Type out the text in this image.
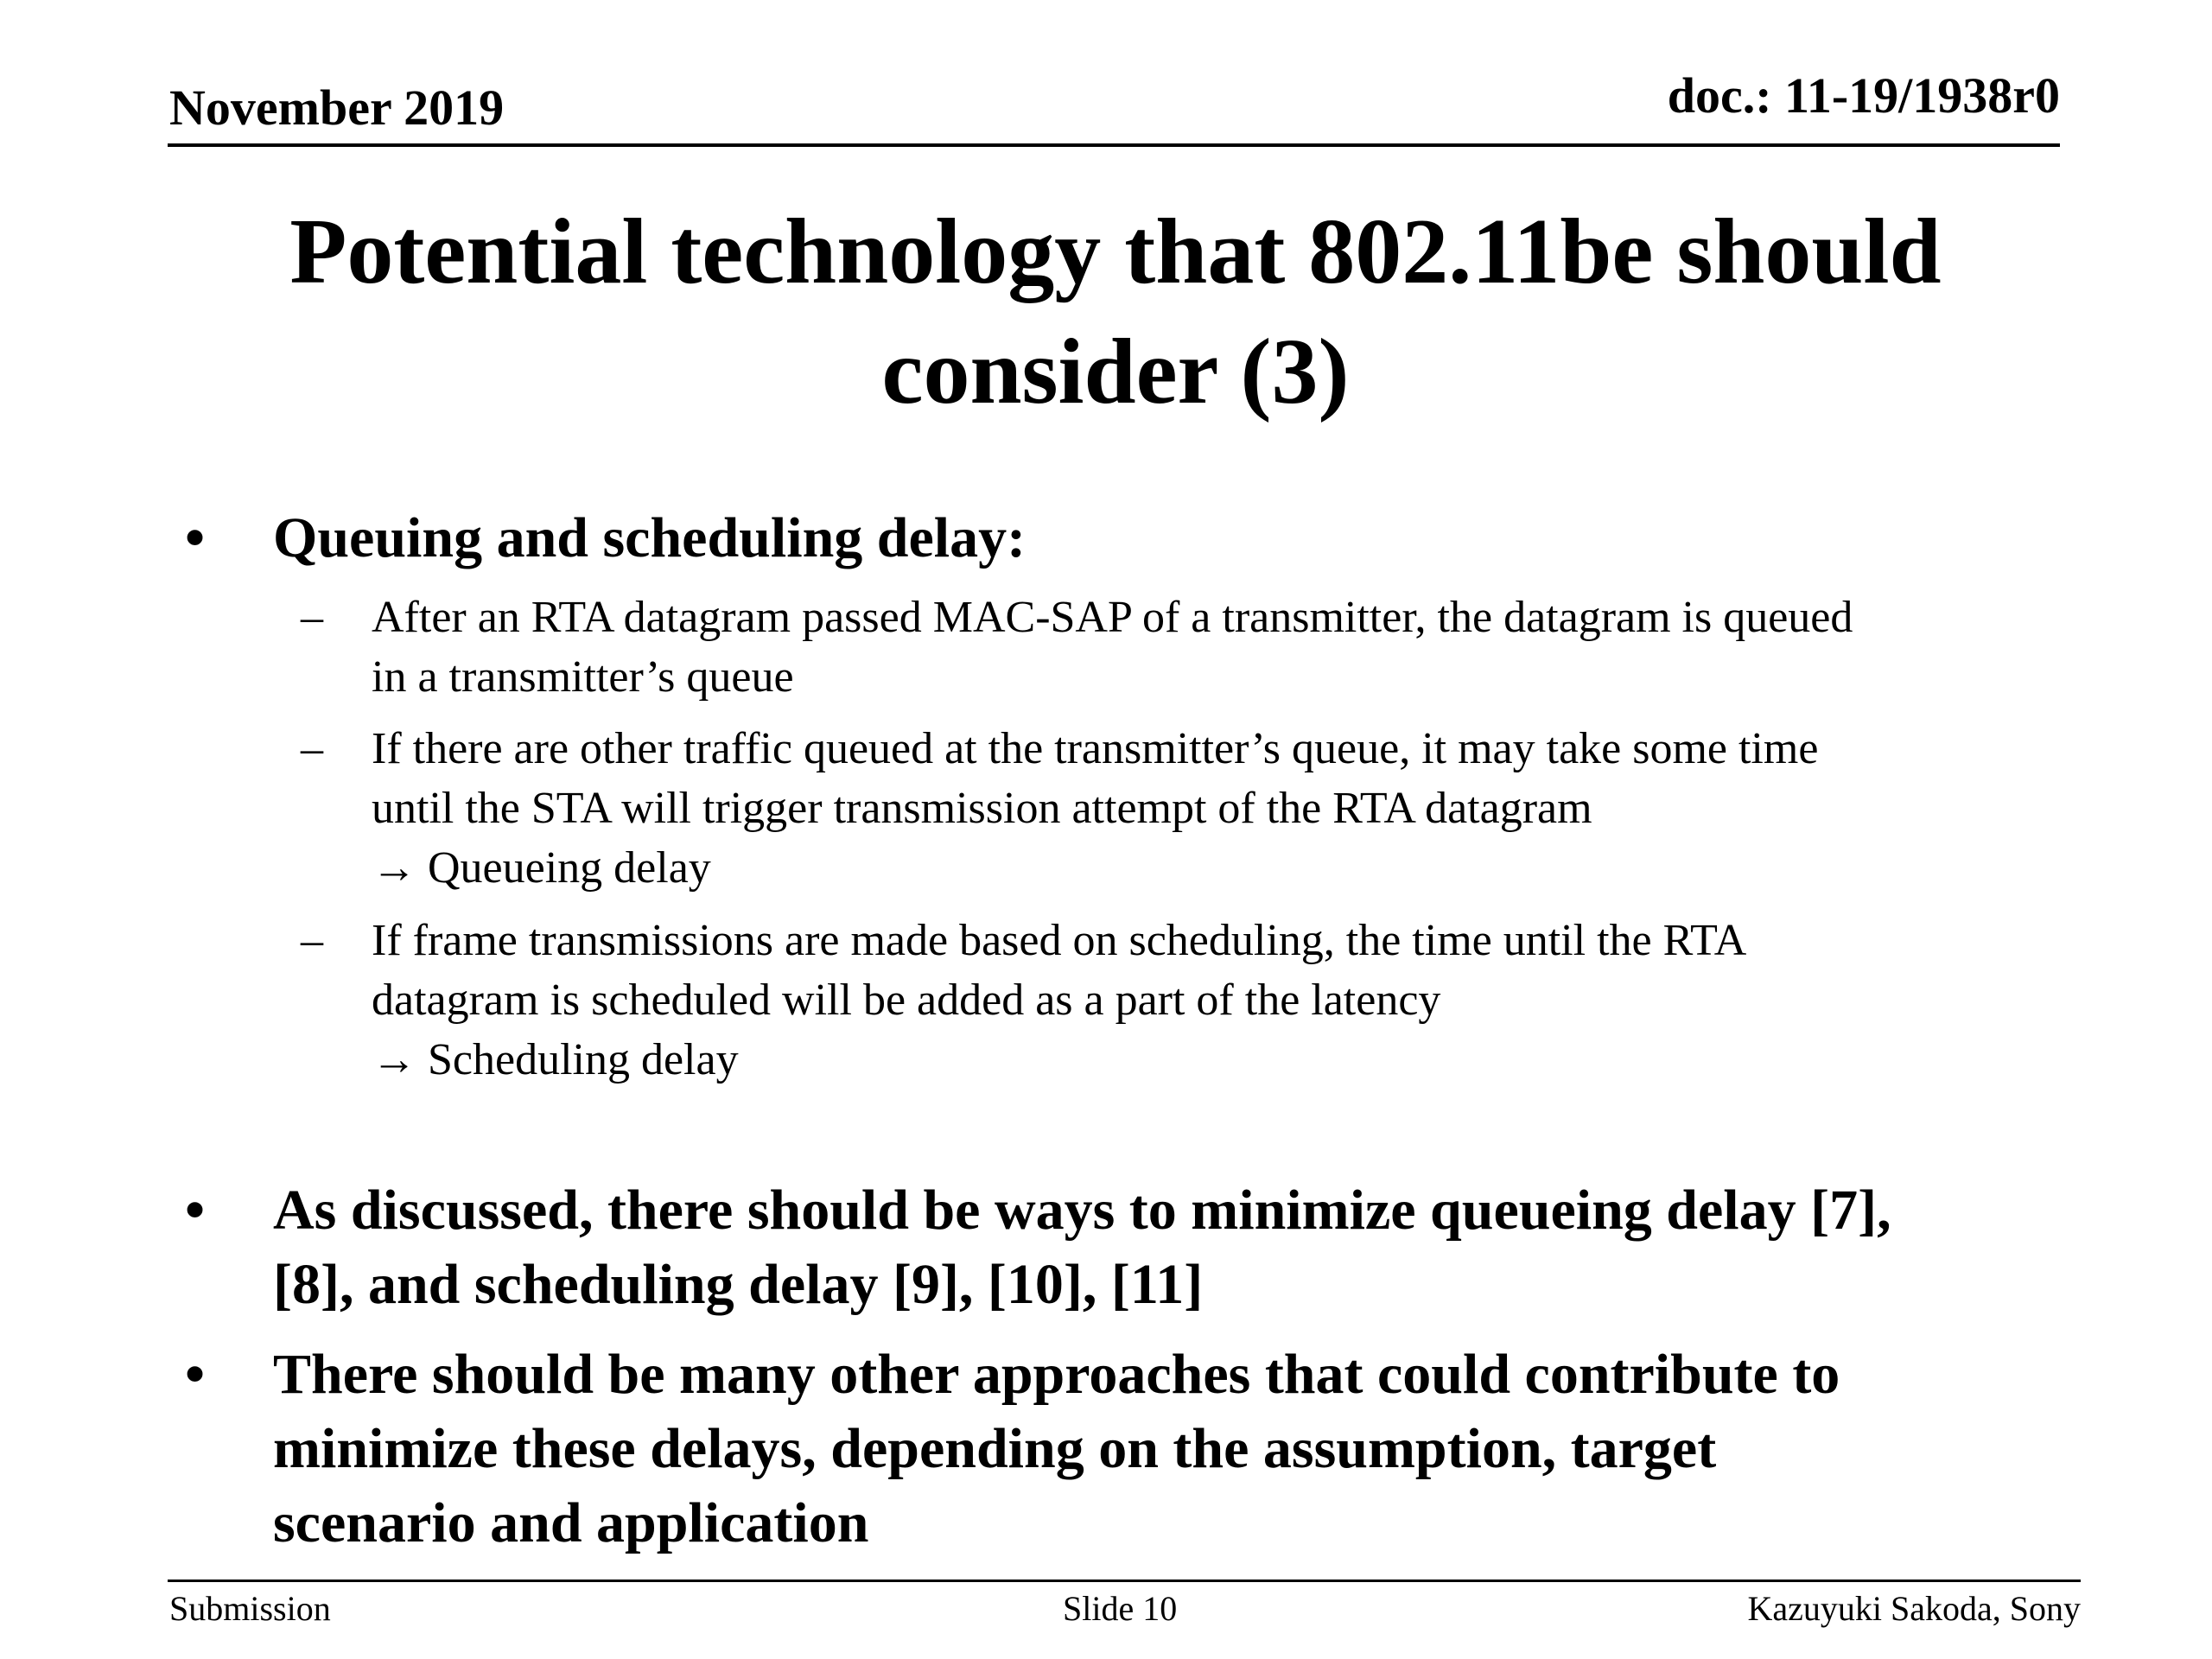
November 2019	doc.: 11-19/1938r0
Potential technology that 802.11be should
consider (3)
• Queuing and scheduling delay:
– After an RTA datagram passed MAC-SAP of a transmitter, the datagram is queued
in a transmitter’s queue
– If there are other traffic queued at the transmitter’s queue, it may take some time
until the STA will trigger transmission attempt of the RTA datagram
→ Queueing delay
– If frame transmissions are made based on scheduling, the time until the RTA
datagram is scheduled will be added as a part of the latency
→ Scheduling delay
• As discussed, there should be ways to minimize queueing delay [7],
[8], and scheduling delay [9], [10], [11]
• There should be many other approaches that could contribute to
minimize these delays, depending on the assumption, target
scenario and application
Submission	Slide 10	Kazuyuki Sakoda, Sony
